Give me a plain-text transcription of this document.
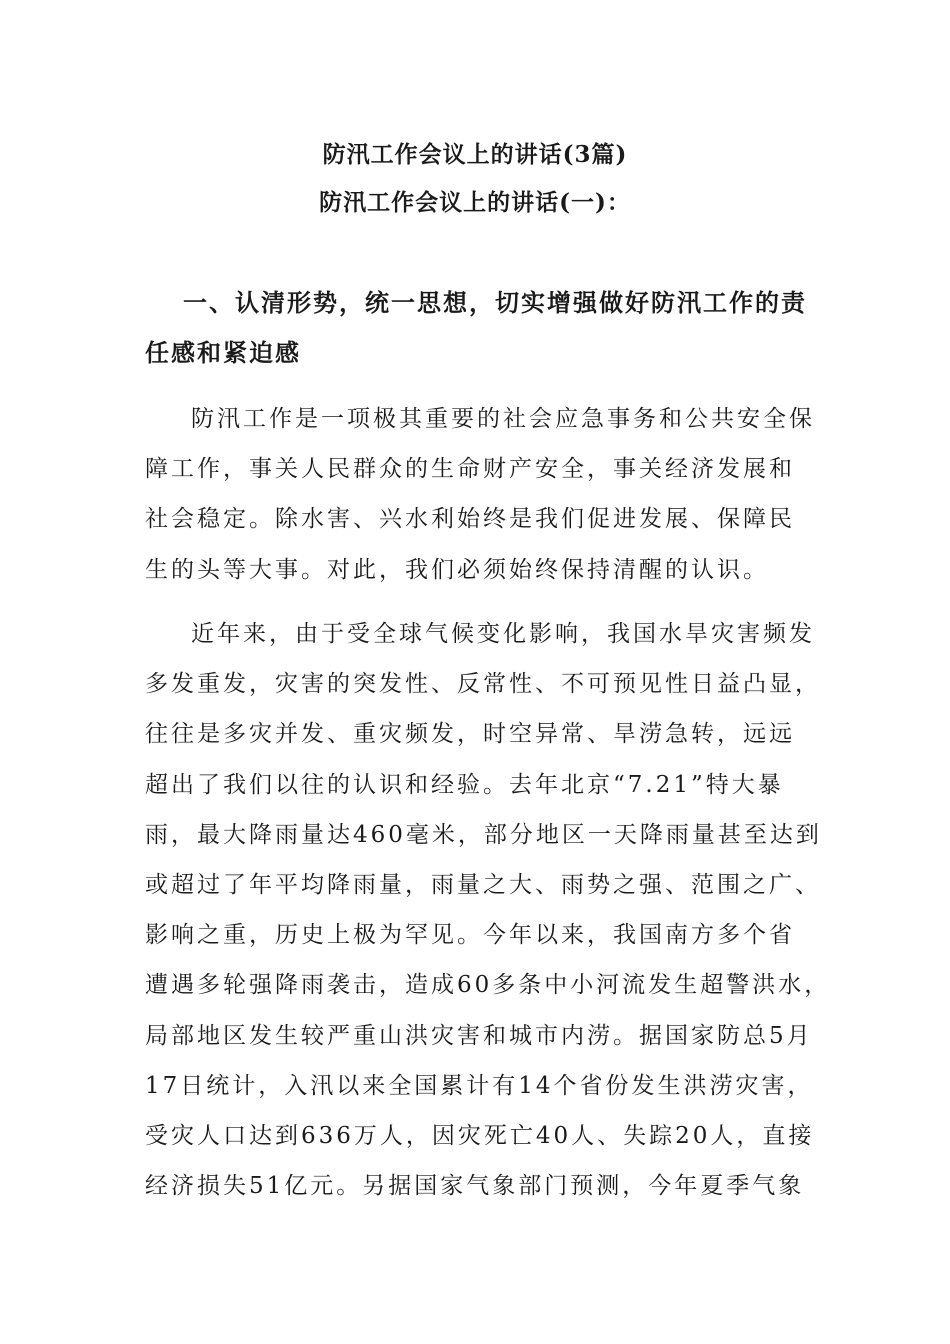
防汛工作会议上的讲话(3篇)
防汛工作会议上的讲话(一)：
一、认清形势，统一思想，切实增强做好防汛工作的责
任感和紧迫感
防汛工作是一项极其重要的社会应急事务和公共安全保
障工作，事关人民群众的生命财产安全，事关经济发展和
社会稳定。除水害、兴水利始终是我们促进发展、保障民
生的头等大事。对此，我们必须始终保持清醒的认识。
近年来，由于受全球气候变化影响，我国水旱灾害频发
多发重发，灾害的突发性、反常性、不可预见性日益凸显，
往往是多灾并发、重灾频发，时空异常、旱涝急转，远远
超出了我们以往的认识和经验。去年北京“7.21”特大暴
雨，最大降雨量达460毫米，部分地区一天降雨量甚至达到
或超过了年平均降雨量，雨量之大、雨势之强、范围之广、
影响之重，历史上极为罕见。今年以来，我国南方多个省
遭遇多轮强降雨袭击，造成60多条中小河流发生超警洪水，
局部地区发生较严重山洪灾害和城市内涝。据国家防总5月
17日统计，入汛以来全国累计有14个省份发生洪涝灾害，
受灾人口达到636万人，因灾死亡40人、失踪20人，直接
经济损失51亿元。另据国家气象部门预测，今年夏季气象
